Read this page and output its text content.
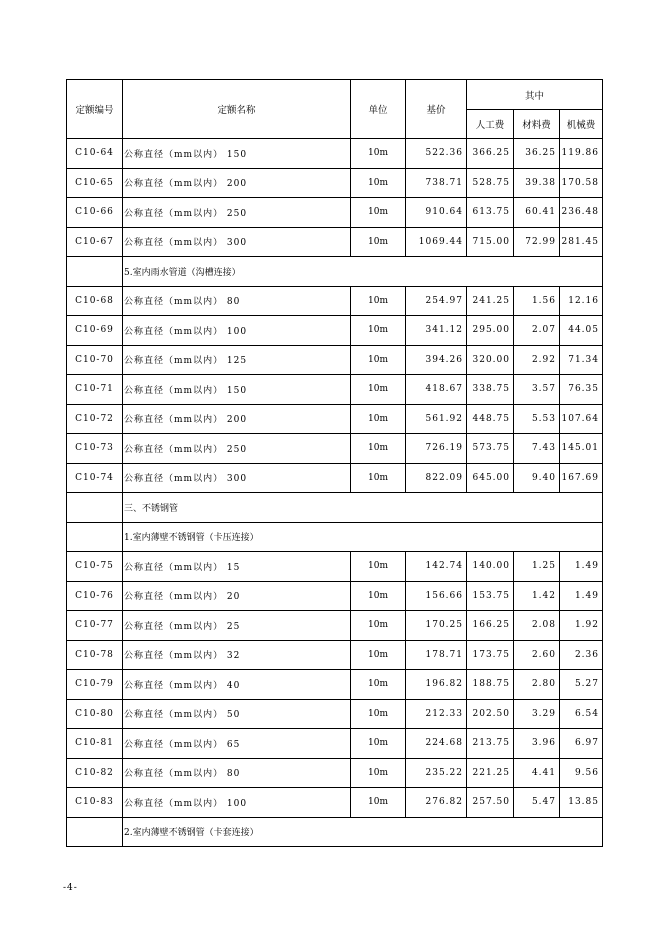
定额编号	定额名称	单位	基价	其中		
				人工费	材料费	机械费
C10-64	公称直径（mm以内） 150	10m	522.36	366.25	36.25	119.86
C10-65	公称直径（mm以内） 200	10m	738.71	528.75	39.38	170.58
C10-66	公称直径（mm以内） 250	10m	910.64	613.75	60.41	236.48
C10-67	公称直径（mm以内） 300	10m	1069.44	715.00	72.99	281.45
	5.室内雨水管道（沟槽连接）					
C10-68	公称直径（mm以内） 80	10m	254.97	241.25	1.56	12.16
C10-69	公称直径（mm以内） 100	10m	341.12	295.00	2.07	44.05
C10-70	公称直径（mm以内） 125	10m	394.26	320.00	2.92	71.34
C10-71	公称直径（mm以内） 150	10m	418.67	338.75	3.57	76.35
C10-72	公称直径（mm以内） 200	10m	561.92	448.75	5.53	107.64
C10-73	公称直径（mm以内） 250	10m	726.19	573.75	7.43	145.01
C10-74	公称直径（mm以内） 300	10m	822.09	645.00	9.40	167.69
	三、不锈钢管					
	1.室内薄壁不锈钢管（卡压连接）					
C10-75	公称直径（mm以内） 15	10m	142.74	140.00	1.25	1.49
C10-76	公称直径（mm以内） 20	10m	156.66	153.75	1.42	1.49
C10-77	公称直径（mm以内） 25	10m	170.25	166.25	2.08	1.92
C10-78	公称直径（mm以内） 32	10m	178.71	173.75	2.60	2.36
C10-79	公称直径（mm以内） 40	10m	196.82	188.75	2.80	5.27
C10-80	公称直径（mm以内） 50	10m	212.33	202.50	3.29	6.54
C10-81	公称直径（mm以内） 65	10m	224.68	213.75	3.96	6.97
C10-82	公称直径（mm以内） 80	10m	235.22	221.25	4.41	9.56
C10-83	公称直径（mm以内） 100	10m	276.82	257.50	5.47	13.85
	2.室内薄壁不锈钢管（卡套连接）					
-4-
